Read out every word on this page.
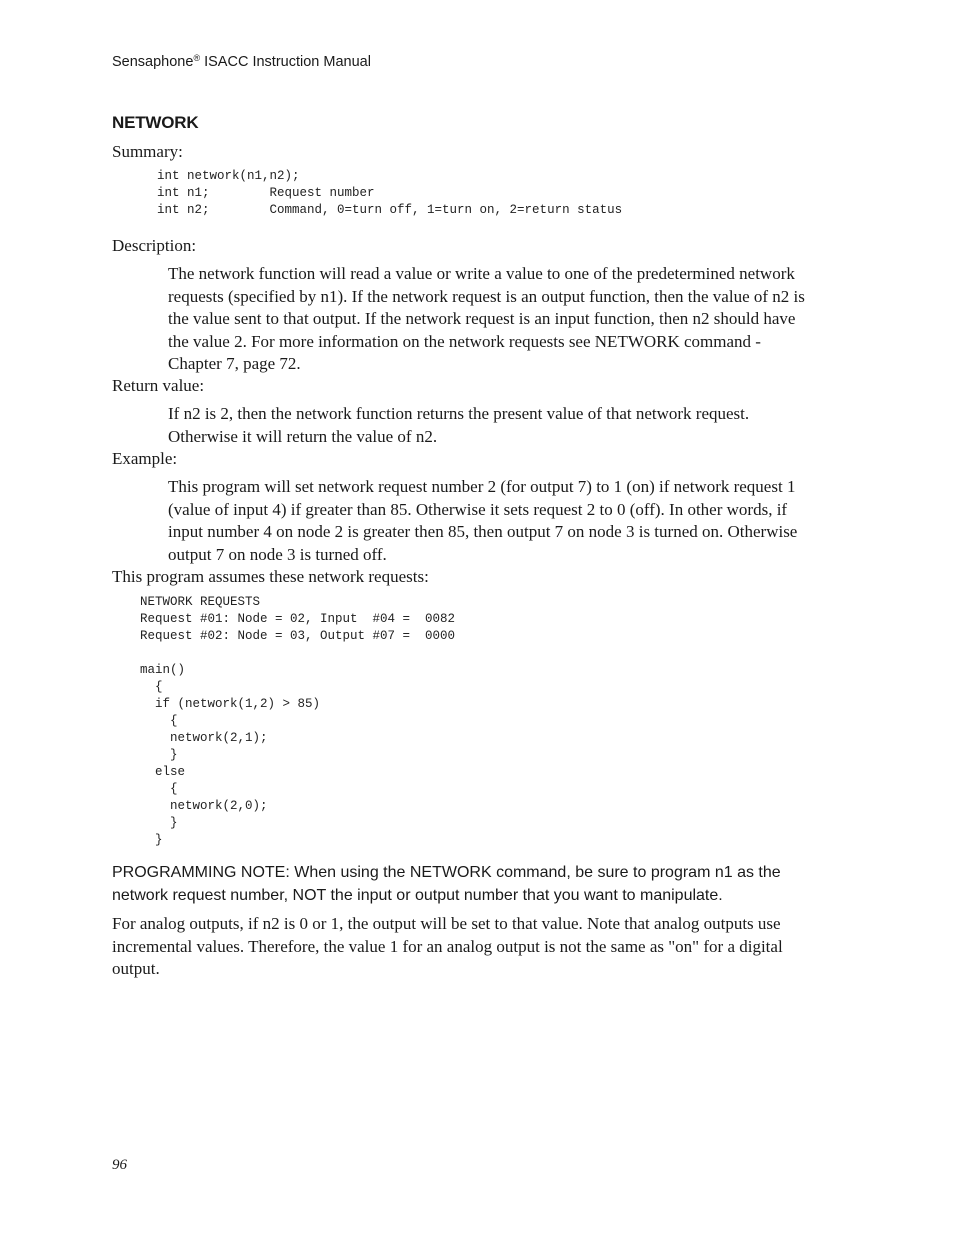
Sensaphone® ISACC Instruction Manual
NETWORK
Summary:
int network(n1,n2);
int n1;        Request number
int n2;        Command, 0=turn off, 1=turn on, 2=return status
Description:

The network function will read a value or write a value to one of the predetermined network requests (specified by n1). If the network request is an output function, then the value of n2 is the value sent to that output. If the network request is an input function, then n2 should have the value 2. For more information on the network requests see NETWORK command - Chapter 7, page 72.

Return value:

If n2 is 2, then the network function returns the present value of that network request. Otherwise it will return the value of n2.

Example:

This program will set network request number 2 (for output 7) to 1 (on) if network request 1 (value of input 4) if greater than 85. Otherwise it sets request 2 to 0 (off). In other words, if input number 4 on node 2 is greater then 85, then output 7 on node 3 is turned on. Otherwise output 7 on node 3 is turned off.

This program assumes these network requests:
NETWORK REQUESTS
Request #01: Node = 02, Input  #04 =  0082
Request #02: Node = 03, Output #07 =  0000

main()
{
if (network(1,2) > 85)
{
network(2,1);
}
else
{
network(2,0);
}
}

PROGRAMMING NOTE: When using the NETWORK command, be sure to program n1 as the network request number, NOT the input or output number that you want to manipulate.

For analog outputs, if n2 is 0 or 1, the output will be set to that value. Note that analog outputs use incremental values. Therefore, the value 1 for an analog output is not the same as "on" for a digital output.

96
